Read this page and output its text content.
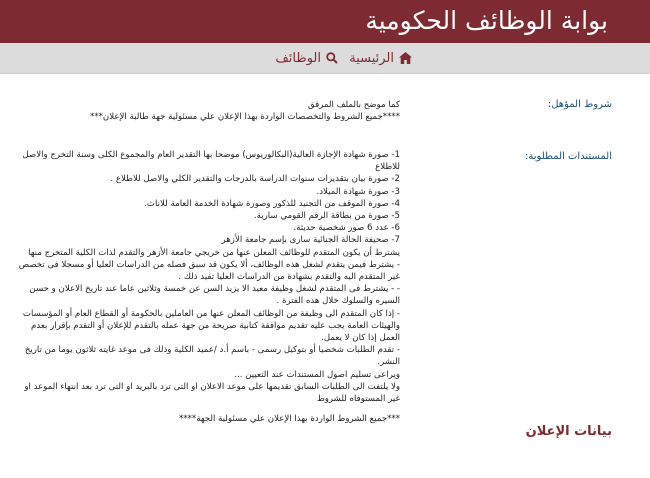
بوابة الوظائف الحكومية
الرئيسية
الوظائف
شروط المؤهل:
كما موضح بالملف المرفق
****جميع الشروط والتخصصات الواردة بهذا الإعلان علي مسئولية جهة طالبة الإعلان***
المستندات المطلوبة:
1- صورة شهادة الإجازة العالية(البكالوريوس) موضحا بها التقدير العام والمجموع الكلى وسنة التخرج والاصل للاطلاع
2- صورة بيان بتقديرات سنوات الدراسة بالدرجات والتقدير الكلي والاصل للاطلاع .
3- صورة شهادة الميلاد.
4- صورة الموقف من التجنيد للذكور وصورة شهادة الخدمة العامة للاناث.
5- صورة من بطاقة الرقم القومي سارية.
6- عدد 6 صور شخصية حديثة.
7- صحيفة الحالة الجنائية سارى بإسم جامعة الأزهر
يشترط أن يكون المتقدم للوظائف المعلن عنها من خريجي جامعة الأزهر والتقدم لذات الكلية المتخرج منها
- يشترط فيمن يتقدم لشغل هذه الوظائف، ألا يكون قد سبق فصله من الدراسات العليا أو مسجلا فى تخصص غير المتقدم اليه والتقدم بشهادة من الدراسات العليا تفيد ذلك .
- - يشترط فى المتقدم لشغل وظيفة معيد الا يزيد السن عن خمسة وثلاثين عاما عند تاريخ الاعلان و حسن السيره والسلوك خلال هذه الفترة .
- إذا كان المتقدم الى وظيفة من الوظائف المعلن عنها من العاملين بالحكومة أو القطاع العام أو المؤسسات والهيئات العامة يجب عليه تقديم موافقة كتابية صريحة من جهة عمله بالتقدم للإعلان أو التقدم بإقرار بعدم العمل إذا كان لا يعمل.
- تقدم الطلبات شخصيا أو بتوكيل رسمى - باسم أ.د /عميد الكلية وذلك فى موعد غايته ثلاثون يوما من تاريخ النشر.
ويراعى تسليم اصول المستندات عند التعيين ...
ولا يلتفت الى الطلبات السابق تقديمها على موعد الاعلان او التى ترد بالبريد او التى ترد بعد انتهاء الموعد او غير المستوفاه للشروط
***جميع الشروط الواردة بهذا الإعلان علي مسئولية الجهة****
بيانات الإعلان
